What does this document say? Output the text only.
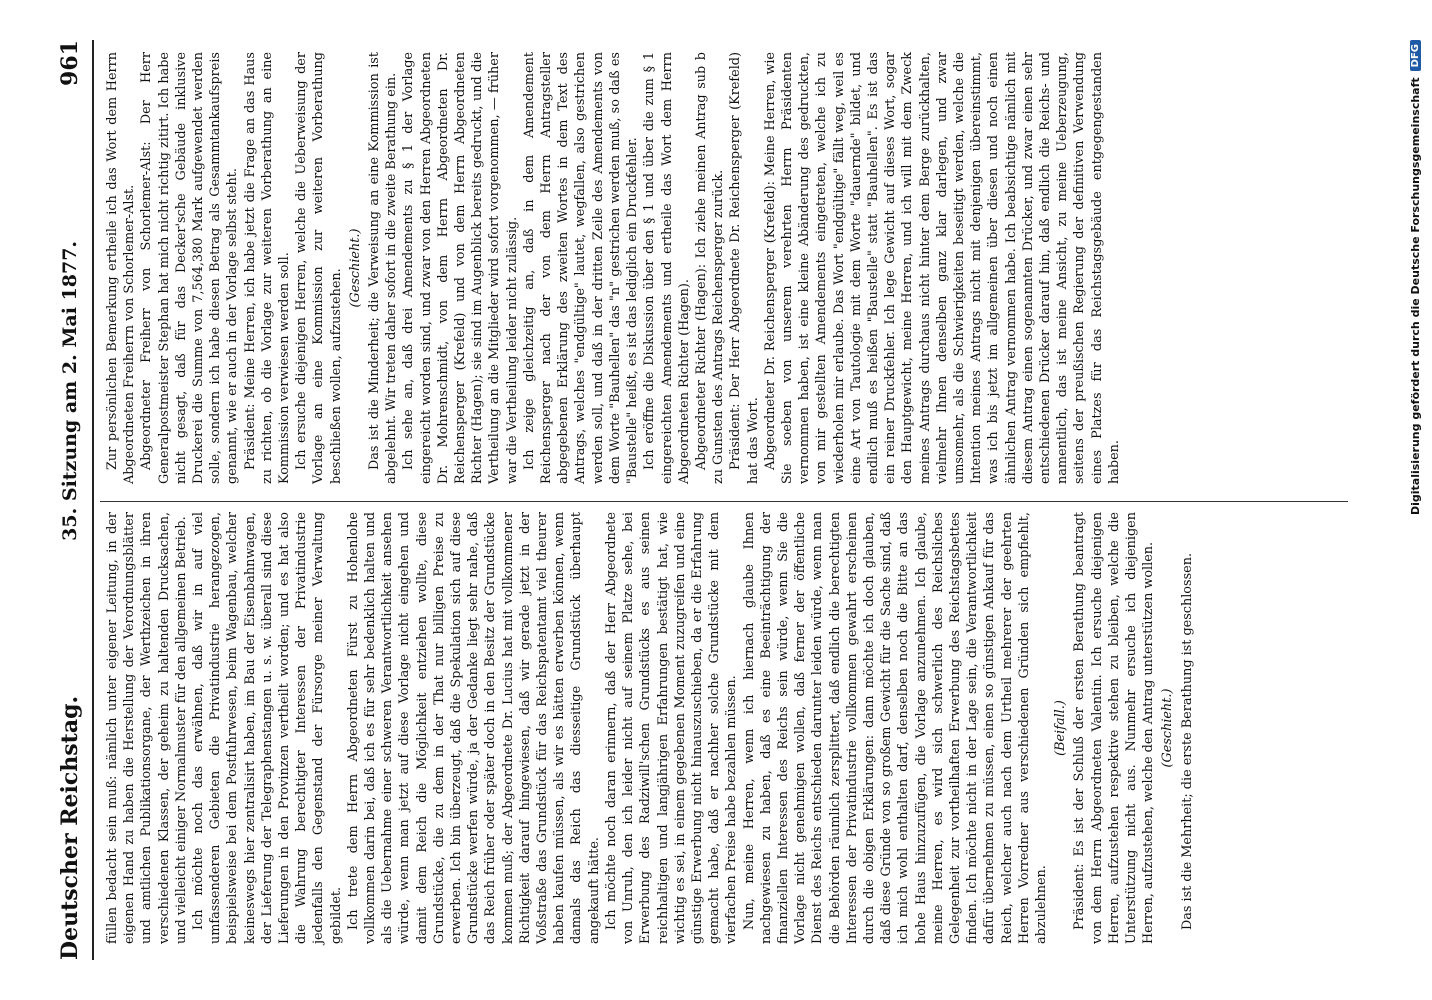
Deutscher Reichstag.
35. Sitzung am 2. Mai 1877.
961

füllen bedacht sein muß: nämlich unter eigener Leitung, in der eigenen Hand zu haben die Herstellung der Verordnungsblätter und amtlichen Publikationsorgane, der Werthzeichen in ihren verschiedenen Klassen, der geheim zu haltenden Drucksachen, und vielleicht einiger Normalmuster für den allgemeinen Betrieb. Ich möchte noch das erwähnen, daß wir in auf viel umfassenderen Gebieten die Privatindustrie herangezogen, beispielsweise bei dem Postfuhrwesen, beim Wagenbau, welcher keineswegs hier zentralisirt haben, im Bau der Eisenbahnwagen, der Lieferung der Telegraphenstangen u. s. w. überall sind diese Lieferungen in den Provinzen vertheilt worden; und es hat also die Wahrung berechtigter Interessen der Privatindustrie jedenfalls den Gegenstand der Fürsorge meiner Verwaltung gebildet. Ich trete dem Herrn Abgeordneten Fürst zu Hohenlohe vollkommen darin bei, daß ich es für sehr bedenklich halten und als die Uebernahme einer schweren Verantwortlichkeit ansehen würde, wenn man jetzt auf diese Vorlage nicht eingehen und damit dem Reich die Möglichkeit entziehen wollte, diese Grundstücke, die zu dem in der That nur billigen Preise zu erwerben. Ich bin überzeugt, daß die Spekulation sich auf diese Grundstücke werfen würde, ja der Gedanke liegt sehr nahe, daß das Reich früher oder später doch in den Besitz der Grundstücke kommen muß; der Abgeordnete Dr. Lucius hat mit vollkommener Richtigkeit darauf hingewiesen, daß wir gerade jetzt in der Voßstraße das Grundstück für das Reichspatentamt viel theurer haben kaufen müssen, als wir es hätten erwerben können, wenn damals das Reich das diesseitige Grundstück überhaupt angekauft hätte. Ich möchte noch daran erinnern, daß der Herr Abgeordnete von Unruh, den ich leider nicht auf seinem Platze sehe, bei Erwerbung des Radziwill'schen Grundstücks es aus seinen reichhaltigen und langjährigen Erfahrungen bestätigt hat, wie wichtig es sei, in einem gegebenen Moment zuzugreifen und eine günstige Erwerbung nicht hinauszuschieben, da er die Erfahrung gemacht habe, daß er nachher solche Grundstücke mit dem vierfachen Preise habe bezahlen müssen. Nun, meine Herren, wenn ich hiernach glaube Ihnen nachgewiesen zu haben, daß es eine Beeinträchtigung der finanziellen Interessen des Reichs sein würde, wenn Sie die Vorlage nicht genehmigen wollen, daß ferner der öffentliche Dienst des Reichs entschieden darunter leiden würde, wenn man die Behörden räumlich zersplittert, daß endlich die berechtigten Interessen der Privatindustrie vollkommen gewahrt erscheinen durch die obigen Erklärungen: dann möchte ich doch glauben, daß diese Gründe von so großem Gewicht für die Sache sind, daß ich mich wohl enthalten darf, denselben noch die Bitte an das hohe Haus hinzuzufügen, die Vorlage anzunehmen. Ich glaube, meine Herren, es wird sich schwerlich des Reichsliches Gelegenheit zur vortheilhaften Erwerbung des Reichstagsbettes finden. Ich möchte nicht in der Lage sein, die Verantwortlichkeit dafür übernehmen zu müssen, einen so günstigen Ankauf für das Reich, welcher auch nach dem Urtheil mehrerer der geehrten Herren Vorredner aus verschiedenen Gründen sich empfiehlt, abzulehnen.

(Beifall.) Präsident: Es ist der Schluß der ersten Berathung beantragt von dem Herrn Abgeordneten Valentin. Ich ersuche diejenigen Herren, aufzustehen respektive stehen zu bleiben, welche die Unterstützung nicht aus. Nunmehr ersuche ich diejenigen Herren, aufzustehen, welche den Antrag unterstützen wollen. (Geschieht.) Das ist die Mehrheit; die erste Berathung ist geschlossen.

Zur persönlichen Bemerkung ertheile ich das Wort dem Herrn Abgeordneten Freiherrn von Schorlemer-Alst. Abgeordneter Freiherr von Schorlemer-Alst: Der Herr Generalpostmeister Stephan hat mich nicht richtig zitirt. Ich habe nicht gesagt, daß für das Decker'sche Gebäude inklusive Druckerei die Summe von 7,564,380 Mark aufgewendet werden solle, sondern ich habe diesen Betrag als Gesammtankaufspreis genannt, wie er auch in der Vorlage selbst steht. Präsident: Meine Herren, ich habe jetzt die Frage an das Haus zu richten, ob die Vorlage zur weiteren Vorberathung an eine Kommission verwiesen werden soll. Ich ersuche diejenigen Herren, welche die Ueberweisung der Vorlage an eine Kommission zur weiteren Vorberathung beschließen wollen, aufzustehen.

(Geschieht.) Das ist die Minderheit; die Verweisung an eine Kommission ist abgelehnt. Wir treten daher sofort in die zweite Berathung ein. Ich sehe an, daß drei Amendements zu § 1 der Vorlage eingereicht worden sind, und zwar von den Herren Abgeordneten Dr. Mohrenschmidt, von dem Herrn Abgeordneten Dr. Reichensperger (Krefeld) und von dem Herrn Abgeordneten Richter (Hagen); sie sind im Augenblick bereits gedruckt, und die Vertheilung an die Mitglieder wird sofort vorgenommen, — früher war die Vertheilung leider nicht zulässig. Ich zeige gleichzeitig an, daß in dem Amendement Reichensperger nach der von dem Herrn Antragsteller abgegebenen Erklärung des zweiten Wortes in dem Text des Antrags, welches "endgültige" lautet, wegfallen, also gestrichen werden soll, und daß in der dritten Zeile des Amendements von dem Worte "Bauhellen" das "n" gestrichen werden muß, so daß es "Baustelle" heißt, es ist das lediglich ein Druckfehler. Ich eröffne die Diskussion über den § 1 und über die zum § 1 eingereichten Amendements und ertheile das Wort dem Herrn Abgeordneten Richter (Hagen). Abgeordneter Richter (Hagen): Ich ziehe meinen Antrag sub b zu Gunsten des Antrags Reichensperger zurück. Präsident: Der Herr Abgeordnete Dr. Reichensperger (Krefeld) hat das Wort. Abgeordneter Dr. Reichensperger (Krefeld): Meine Herren, wie Sie soeben von unserem verehrten Herrn Präsidenten vernommen haben, ist eine kleine Abänderung des gedruckten, von mir gestellten Amendements eingetreten, welche ich zu wiederholen mir erlaube. Das Wort "endgültige" fällt weg, weil es eine Art von Tautologie mit dem Worte "dauernde" bildet, und endlich muß es heißen "Baustelle" statt "Bauhellen". Es ist das ein reiner Druckfehler. Ich lege Gewicht auf dieses Wort, sogar den Hauptgewicht, meine Herren, und ich will mit dem Zweck meines Antrags durchaus nicht hinter dem Berge zurückhalten, vielmehr Ihnen denselben ganz klar darlegen, und zwar umsomehr, als die Schwierigkeiten beseitigt werden, welche die Intention meines Antrags nicht mit denjenigen übereinstimmt, was ich bis jetzt im allgemeinen über diesen und noch einen ähnlichen Antrag vernommen habe. Ich beabsichtige nämlich mit diesem Antrag einen sogenannten Drücker, und zwar einen sehr entschiedenen Drücker darauf hin, daß endlich die Reichs- und namentlich, das ist meine Ansicht, zu meine Ueberzeugung, seitens der preußischen Regierung der definitiven Verwendung eines Platzes für das Reichstagsgebäude entgegengestanden haben.	Digitalisierung gefördert durch die Deutsche Forschungsgemeinschaft
DFG
